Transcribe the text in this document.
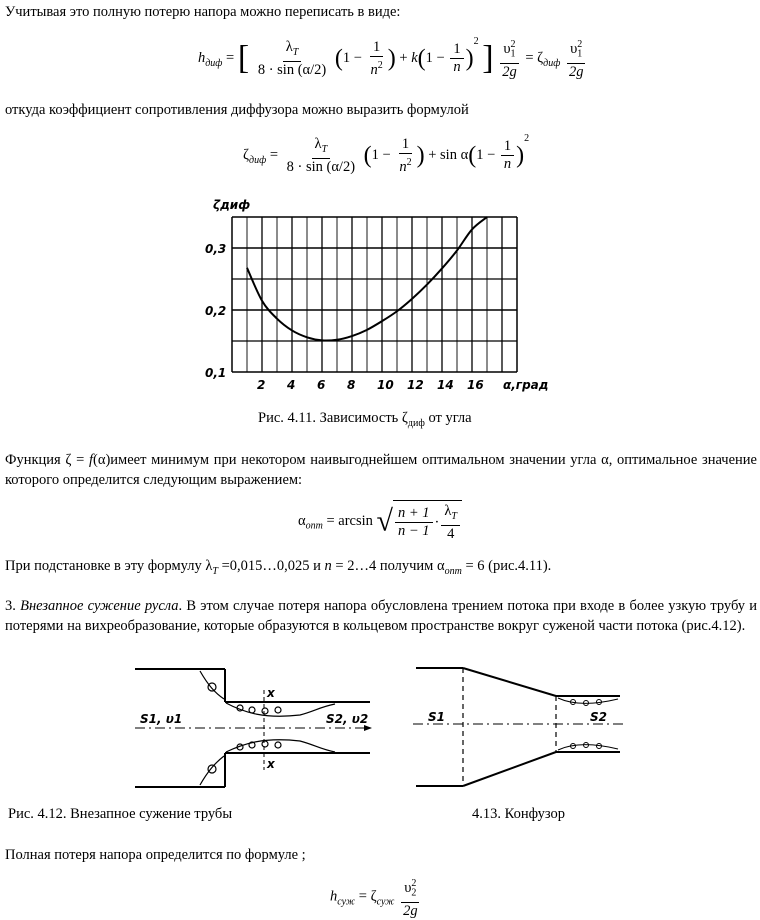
Учитывая это полную потерю напора можно переписать в виде:

$h_{диф}$ = [ $\frac{\lambda_T}{8 \cdot \sin (\alpha/2)} (1 - \frac{1}{n^2}$ ) + $k(1 - \frac{1}{n} )^2$ ] $\frac{\upsilon_1^2}{2g} = \zeta_{диф} \frac{\upsilon_1^2}{2g}$

откуда коэффициент сопротивления диффузора можно выразить формулой

$\zeta_{диф} = \frac{\lambda_T}{8 \cdot \sin (\alpha/2)} (1 - \frac{1}{n^2}$ ) + $\sin \alpha(1 - \frac{1}{n} )^2$
2 4 6 8 10 12 14 16
0,1
0,2
0,3
ζдиф
α,град
Рис. 4.11. Зависимость $\zeta_{диф}$ от угла

Функция ζ = f(α)имеет минимум при некотором наивыгоднейшем оптимальном значении угла α, оптимальное значение которого определится следующим выражением:

$\alpha_{опт} = \arcsin$ √ $\frac{n + 1}{n - 1} \cdot \frac{\lambda_T}{4}$

При подстановке в эту формулу $\lambda_T$ =0,015…0,025 и n = 2…4 получим $\alpha_{опт} = 6$ (рис.4.11).

3. Внезапное сужение русла. В этом случае потеря напора обусловлена трением потока при входе в более узкую трубу и потерями на вихреобразование, которые образуются в кольцевом пространстве вокруг суженой части потока (рис.4.12).

x
x
S1, υ1	S2, υ2	S1	S2
Рис. 4.12. Внезапное сужение трубы	4.13. Конфузор

Полная потеря напора определится по формуле ;

$h_{суж} = \zeta_{суж} \frac{\upsilon_2^2}{2g}$
